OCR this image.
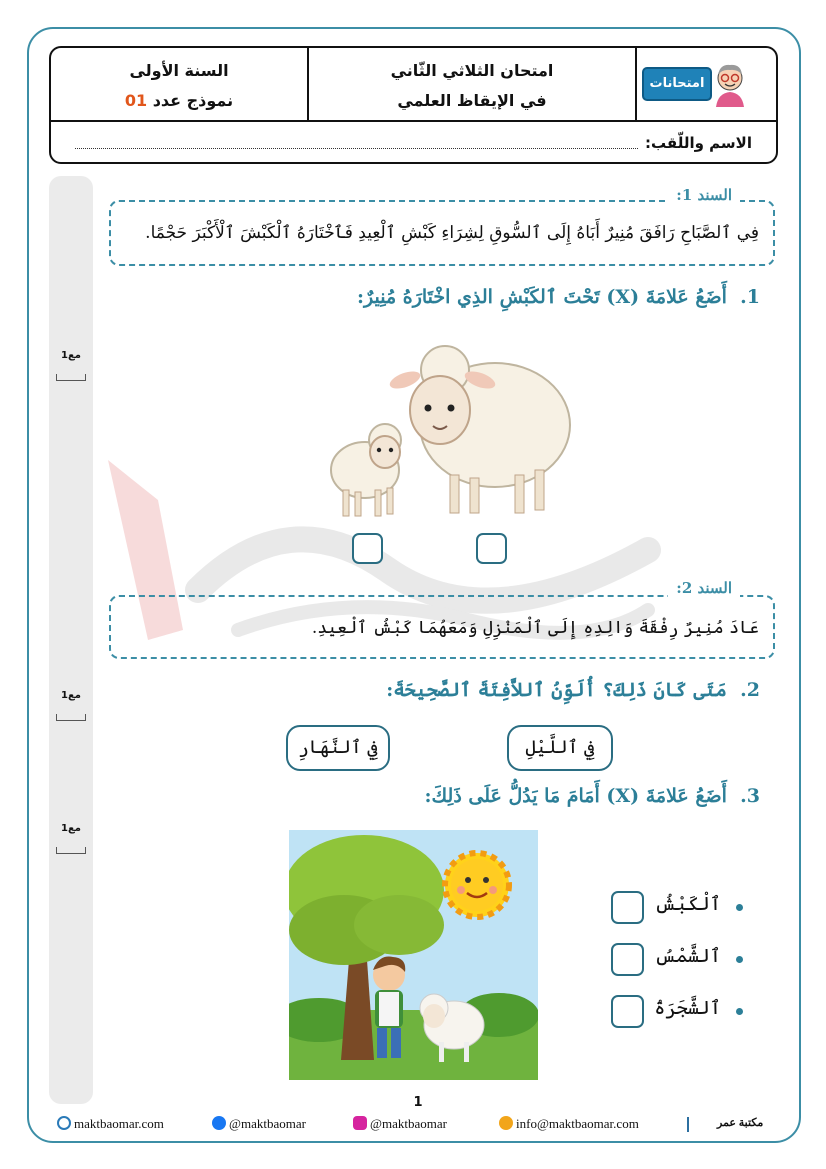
السنة الأولى
نموذج عدد 01
امتحان الثلاثي الثّاني
في الإيقاظ العلمي
امتحانات
الاسم واللّقب:
مع1
مع1
مع1
فِي ٱلصَّبَاحِ رَافَقَ مُنِيرٌ أَبَاهُ إِلَى ٱلسُّوقِ لِشِرَاءِ كَبْشِ ٱلْعِيدِ فَٱخْتَارَهُ ٱلْكَبْشَ ٱلْأَكْبَرَ حَجْمًا.
السند 1:
1.  أَضَعُ عَلامَةَ (X) تَحْتَ ٱلكَبْشِ الذِي اخْتَارَهُ مُنِيرٌ:
عَادَ مُنِيرٌ رِفْقَةَ وَالِدِهِ إِلَى ٱلْمَنْزِلِ وَمَعَهُمَا كَبْشُ ٱلْعِيدِ.
السند 2:
2.  مَتَى كَانَ ذَلِكَ؟ أُلَوِّنُ ٱللاَّفِتَةَ ٱلصَّحِيحَةَ:
فِي ٱللَّيْلِ
فِي ٱلنَّهَارِ
3.  أَضَعُ عَلامَةَ (X) أَمَامَ مَا يَدُلُّ عَلَى ذَلِكَ:
ٱلْكَبْشُ
ٱلشَّمْسُ
ٱلشَّجَرَةُ
1
maktbaomar.com	@maktbaomar	@maktbaomar	info@maktbaomar.com	مكتبة عمر
